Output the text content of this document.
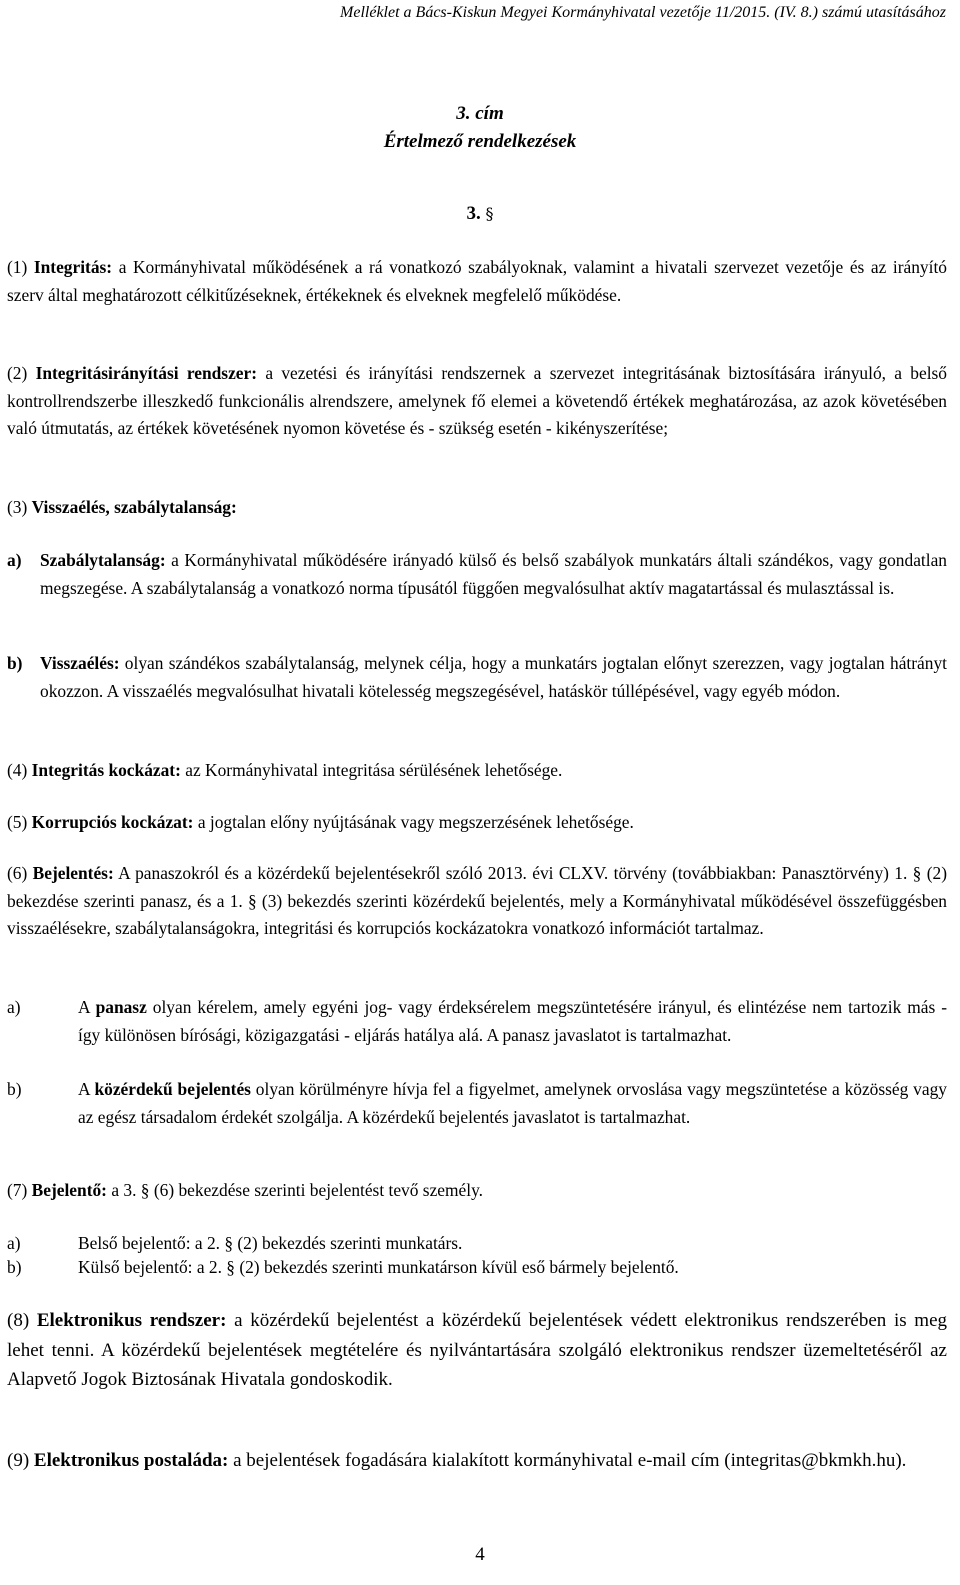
Melléklet a Bács-Kiskun Megyei Kormányhivatal vezetője 11/2015. (IV. 8.) számú utasításához
3. cím
Értelmező rendelkezések
3. §
(1) Integritás: a Kormányhivatal működésének a rá vonatkozó szabályoknak, valamint a hivatali szervezet vezetője és az irányító szerv által meghatározott célkitűzéseknek, értékeknek és elveknek megfelelő működése.
(2) Integritásirányítási rendszer: a vezetési és irányítási rendszernek a szervezet integritásának biztosítására irányuló, a belső kontrollrendszerbe illeszkedő funkcionális alrendszere, amelynek fő elemei a követendő értékek meghatározása, az azok követésében való útmutatás, az értékek követésének nyomon követése és - szükség esetén - kikényszerítése;
(3) Visszaélés, szabálytalanság:
a) Szabálytalanság: a Kormányhivatal működésére irányadó külső és belső szabályok munkatárs általi szándékos, vagy gondatlan megszegése. A szabálytalanság a vonatkozó norma típusától függően megvalósulhat aktív magatartással és mulasztással is.
b) Visszaélés: olyan szándékos szabálytalanság, melynek célja, hogy a munkatárs jogtalan előnyt szerezzen, vagy jogtalan hátrányt okozzon. A visszaélés megvalósulhat hivatali kötelesség megszegésével, hatáskör túllépésével, vagy egyéb módon.
(4) Integritás kockázat: az Kormányhivatal integritása sérülésének lehetősége.
(5) Korrupciós kockázat: a jogtalan előny nyújtásának vagy megszerzésének lehetősége.
(6) Bejelentés: A panaszokról és a közérdekű bejelentésekről szóló 2013. évi CLXV. törvény (továbbiakban: Panasztörvény) 1. § (2) bekezdése szerinti panasz, és a 1. § (3) bekezdés szerinti közérdekű bejelentés, mely a Kormányhivatal működésével összefüggésben visszaélésekre, szabálytalanságokra, integritási és korrupciós kockázatokra vonatkozó információt tartalmaz.
a)	A panasz olyan kérelem, amely egyéni jog- vagy érdeksérelem megszüntetésére irányul, és elintézése nem tartozik más - így különösen bírósági, közigazgatási - eljárás hatálya alá. A panasz javaslatot is tartalmazhat.
b)	A közérdekű bejelentés olyan körülményre hívja fel a figyelmet, amelynek orvoslása vagy megszüntetése a közösség vagy az egész társadalom érdekét szolgálja. A közérdekű bejelentés javaslatot is tartalmazhat.
(7) Bejelentő: a 3. § (6) bekezdése szerinti bejelentést tevő személy.
a)	Belső bejelentő: a 2. § (2) bekezdés szerinti munkatárs.
b)	Külső bejelentő: a 2. § (2) bekezdés szerinti munkatárson kívül eső bármely bejelentő.
(8) Elektronikus rendszer: a közérdekű bejelentést a közérdekű bejelentések védett elektronikus rendszerében is meg lehet tenni. A közérdekű bejelentések megtételére és nyilvántartására szolgáló elektronikus rendszer üzemeltetéséről az Alapvető Jogok Biztosának Hivatala gondoskodik.
(9) Elektronikus postaláda: a bejelentések fogadására kialakított kormányhivatal e-mail cím (integritas@bkmkh.hu).
4
